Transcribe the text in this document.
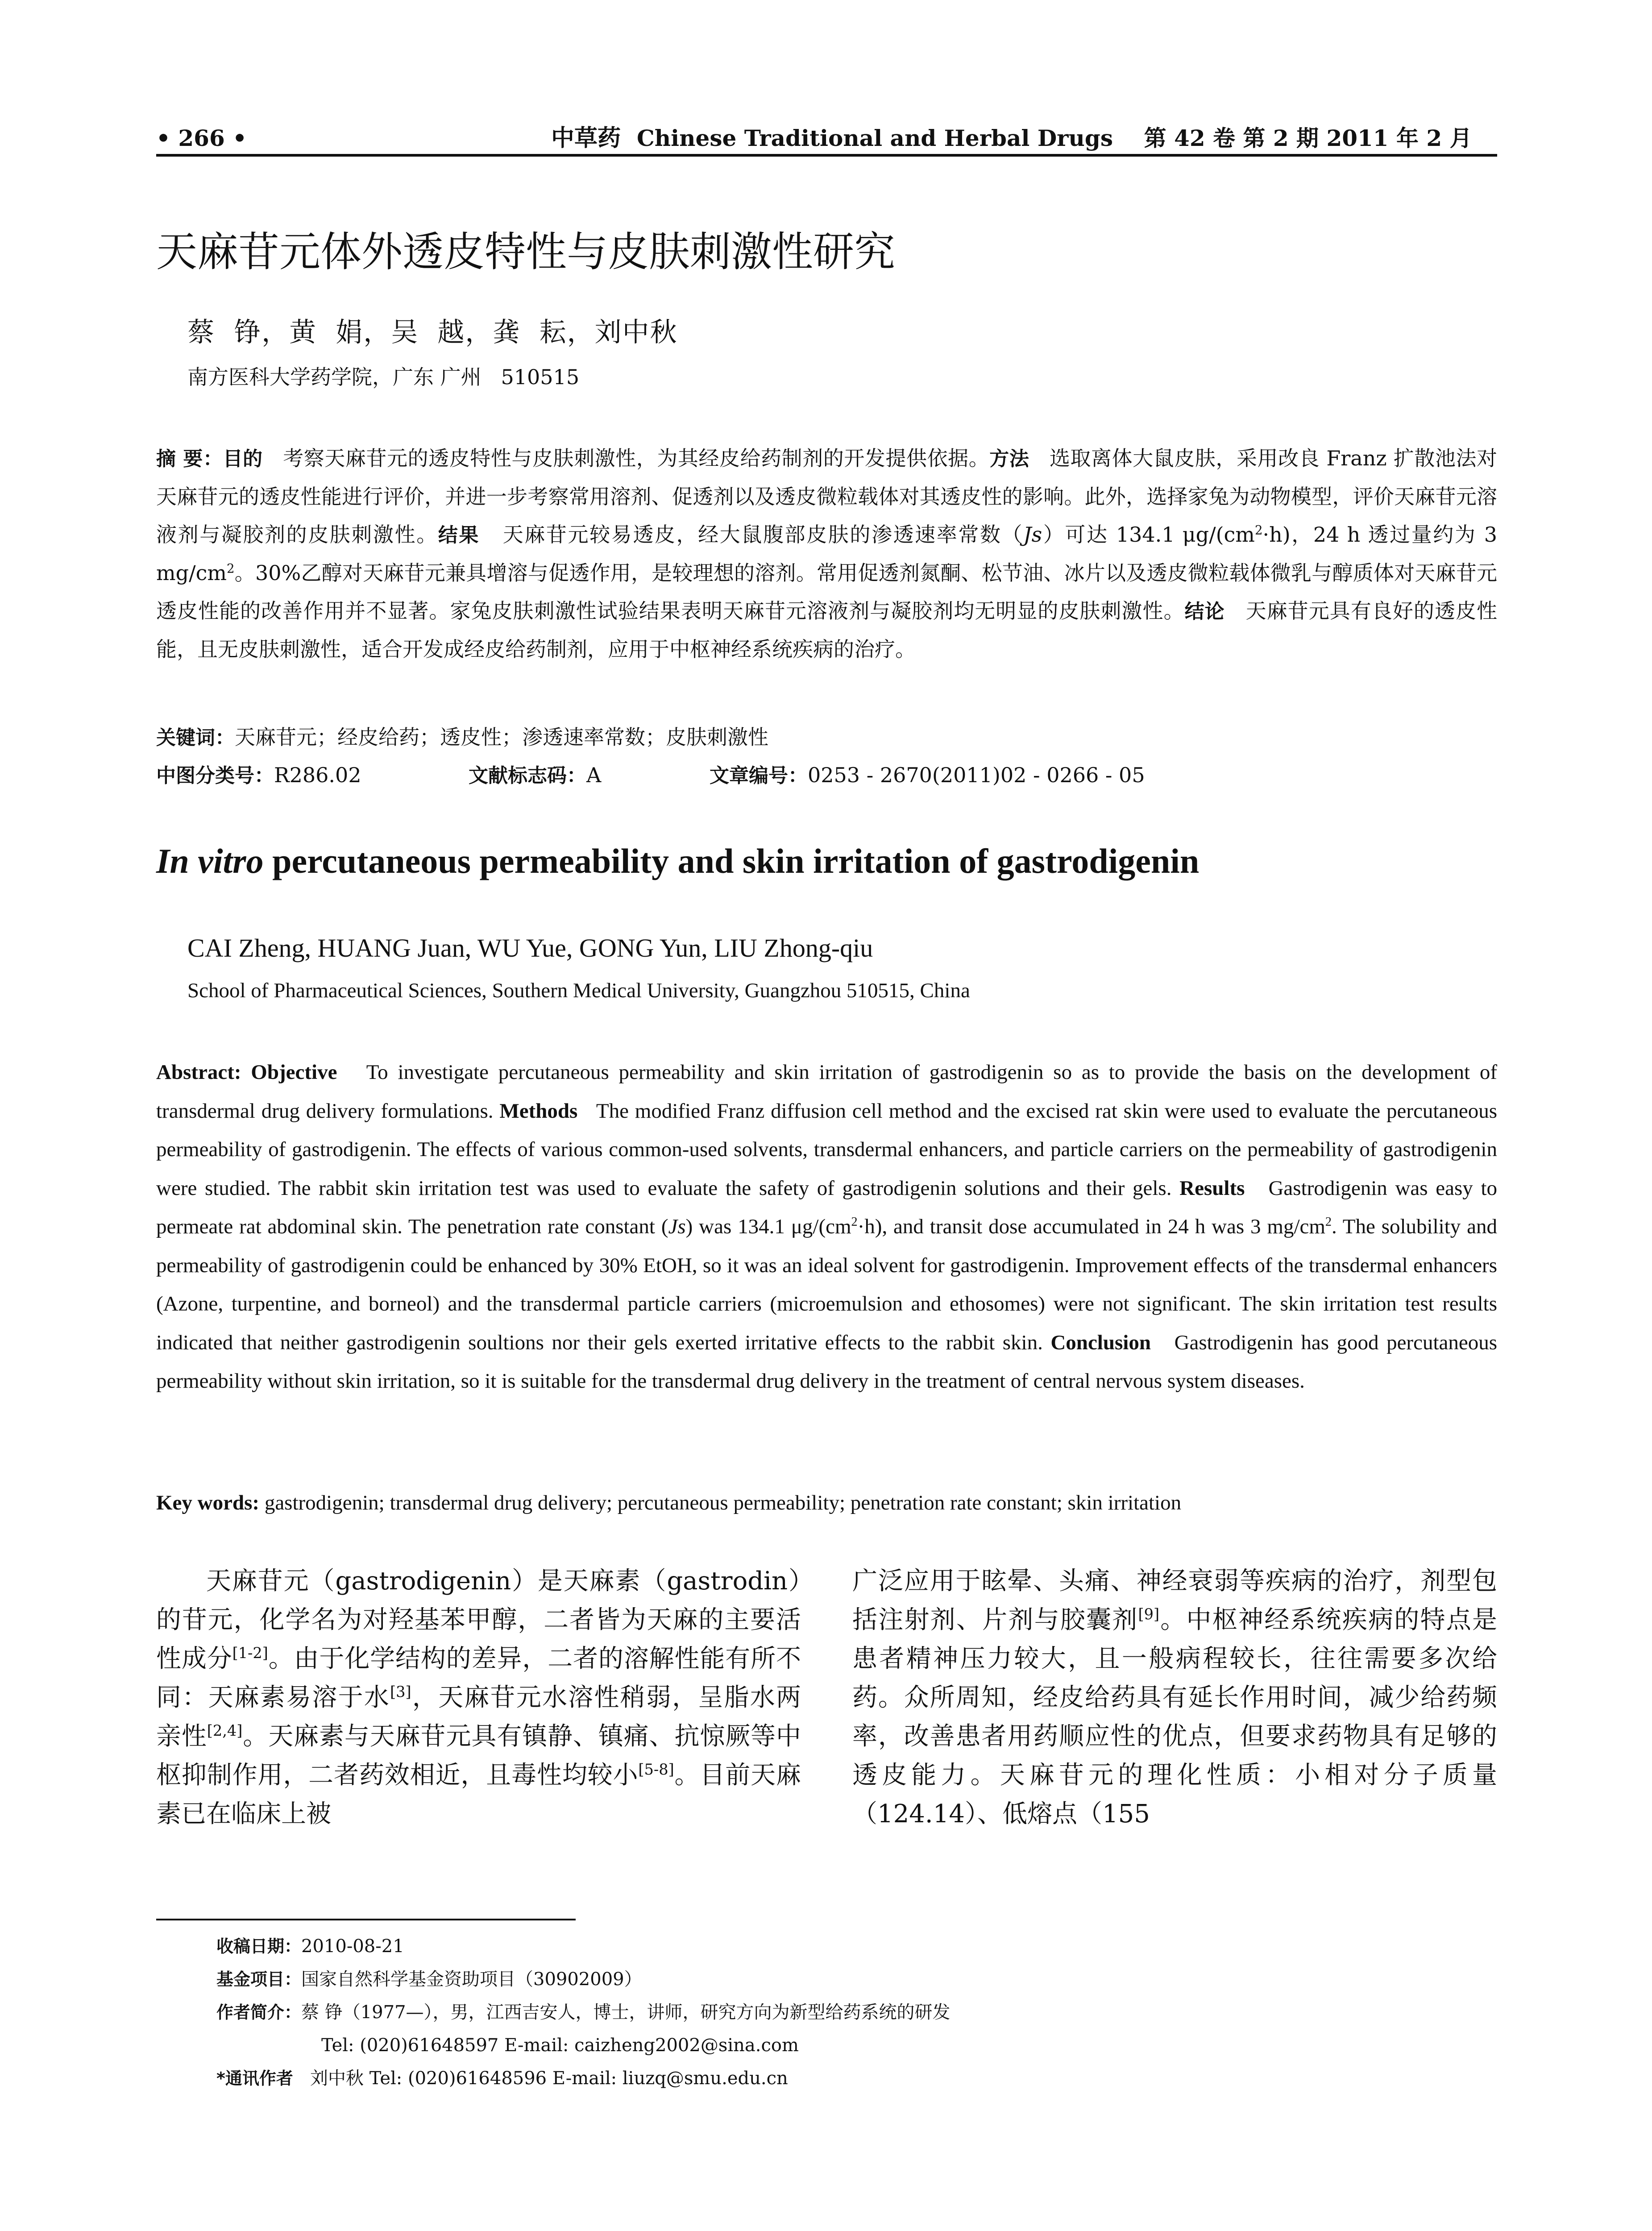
• 266 •	中草药 Chinese Traditional and Herbal Drugs 第 42 卷 第 2 期 2011 年 2 月
天麻苷元体外透皮特性与皮肤刺激性研究
蔡  铮，黄  娟，吴  越，龚  耘，刘中秋
南方医科大学药学院，广东 广州   510515
摘 要：目的 考察天麻苷元的透皮特性与皮肤刺激性，为其经皮给药制剂的开发提供依据。方法 选取离体大鼠皮肤，采用改良 Franz 扩散池法对天麻苷元的透皮性能进行评价，并进一步考察常用溶剂、促透剂以及透皮微粒载体对其透皮性的影响。此外，选择家兔为动物模型，评价天麻苷元溶液剂与凝胶剂的皮肤刺激性。结果 天麻苷元较易透皮，经大鼠腹部皮肤的渗透速率常数（Js）可达 134.1 $\mu g/(cm^2\cdot h)$，24 h 透过量约为 3 $mg/cm^2$。30%乙醇对天麻苷元兼具增溶与促透作用，是较理想的溶剂。常用促透剂氮酮、松节油、冰片以及透皮微粒载体微乳与醇质体对天麻苷元透皮性能的改善作用并不显著。家兔皮肤刺激性试验结果表明天麻苷元溶液剂与凝胶剂均无明显的皮肤刺激性。结论 天麻苷元具有良好的透皮性能，且无皮肤刺激性，适合开发成经皮给药制剂，应用于中枢神经系统疾病的治疗。
关键词：天麻苷元；经皮给药；透皮性；渗透速率常数；皮肤刺激性
中图分类号：R286.02	文献标志码：A	文章编号：0253 - 2670(2011)02 - 0266 - 05
In vitro percutaneous permeability and skin irritation of gastrodigenin
CAI Zheng, HUANG Juan, WU Yue, GONG Yun, LIU Zhong-qiu
School of Pharmaceutical Sciences, Southern Medical University, Guangzhou 510515, China
Abstract: Objective To investigate percutaneous permeability and skin irritation of gastrodigenin so as to provide the basis on the development of transdermal drug delivery formulations. Methods The modified Franz diffusion cell method and the excised rat skin were used to evaluate the percutaneous permeability of gastrodigenin. The effects of various common-used solvents, transdermal enhancers, and particle carriers on the permeability of gastrodigenin were studied. The rabbit skin irritation test was used to evaluate the safety of gastrodigenin solutions and their gels. Results Gastrodigenin was easy to permeate rat abdominal skin. The penetration rate constant (Js) was 134.1 $\mu g/(cm^2\cdot h)$, and transit dose accumulated in 24 h was 3 $mg/cm^2$. The solubility and permeability of gastrodigenin could be enhanced by 30% EtOH, so it was an ideal solvent for gastrodigenin. Improvement effects of the transdermal enhancers (Azone, turpentine, and borneol) and the transdermal particle carriers (microemulsion and ethosomes) were not significant. The skin irritation test results indicated that neither gastrodigenin soultions nor their gels exerted irritative effects to the rabbit skin. Conclusion Gastrodigenin has good percutaneous permeability without skin irritation, so it is suitable for the transdermal drug delivery in the treatment of central nervous system diseases.
Key words: gastrodigenin; transdermal drug delivery; percutaneous permeability; penetration rate constant; skin irritation
天麻苷元（gastrodigenin）是天麻素（gastrodin）的苷元，化学名为对羟基苯甲醇，二者皆为天麻的主要活性成分[1-2]。由于化学结构的差异，二者的溶解性能有所不同：天麻素易溶于水[3]，天麻苷元水溶性稍弱，呈脂水两亲性[2,4]。天麻素与天麻苷元具有镇静、镇痛、抗惊厥等中枢抑制作用，二者药效相近，且毒性均较小[5-8]。目前天麻素已在临床上被
广泛应用于眩晕、头痛、神经衰弱等疾病的治疗，剂型包括注射剂、片剂与胶囊剂[9]。中枢神经系统疾病的特点是患者精神压力较大，且一般病程较长，往往需要多次给药。众所周知，经皮给药具有延长作用时间，减少给药频率，改善患者用药顺应性的优点，但要求药物具有足够的透皮能力。天麻苷元的理化性质：小相对分子质量（124.14）、低熔点（155
收稿日期：2010-08-21
基金项目：国家自然科学基金资助项目（30902009）
作者简介：蔡 铮（1977—），男，江西吉安人，博士，讲师，研究方向为新型给药系统的研发
Tel: (020)61648597 E-mail: caizheng2002@sina.com
*通讯作者 刘中秋 Tel: (020)61648596 E-mail: liuzq@smu.edu.cn
